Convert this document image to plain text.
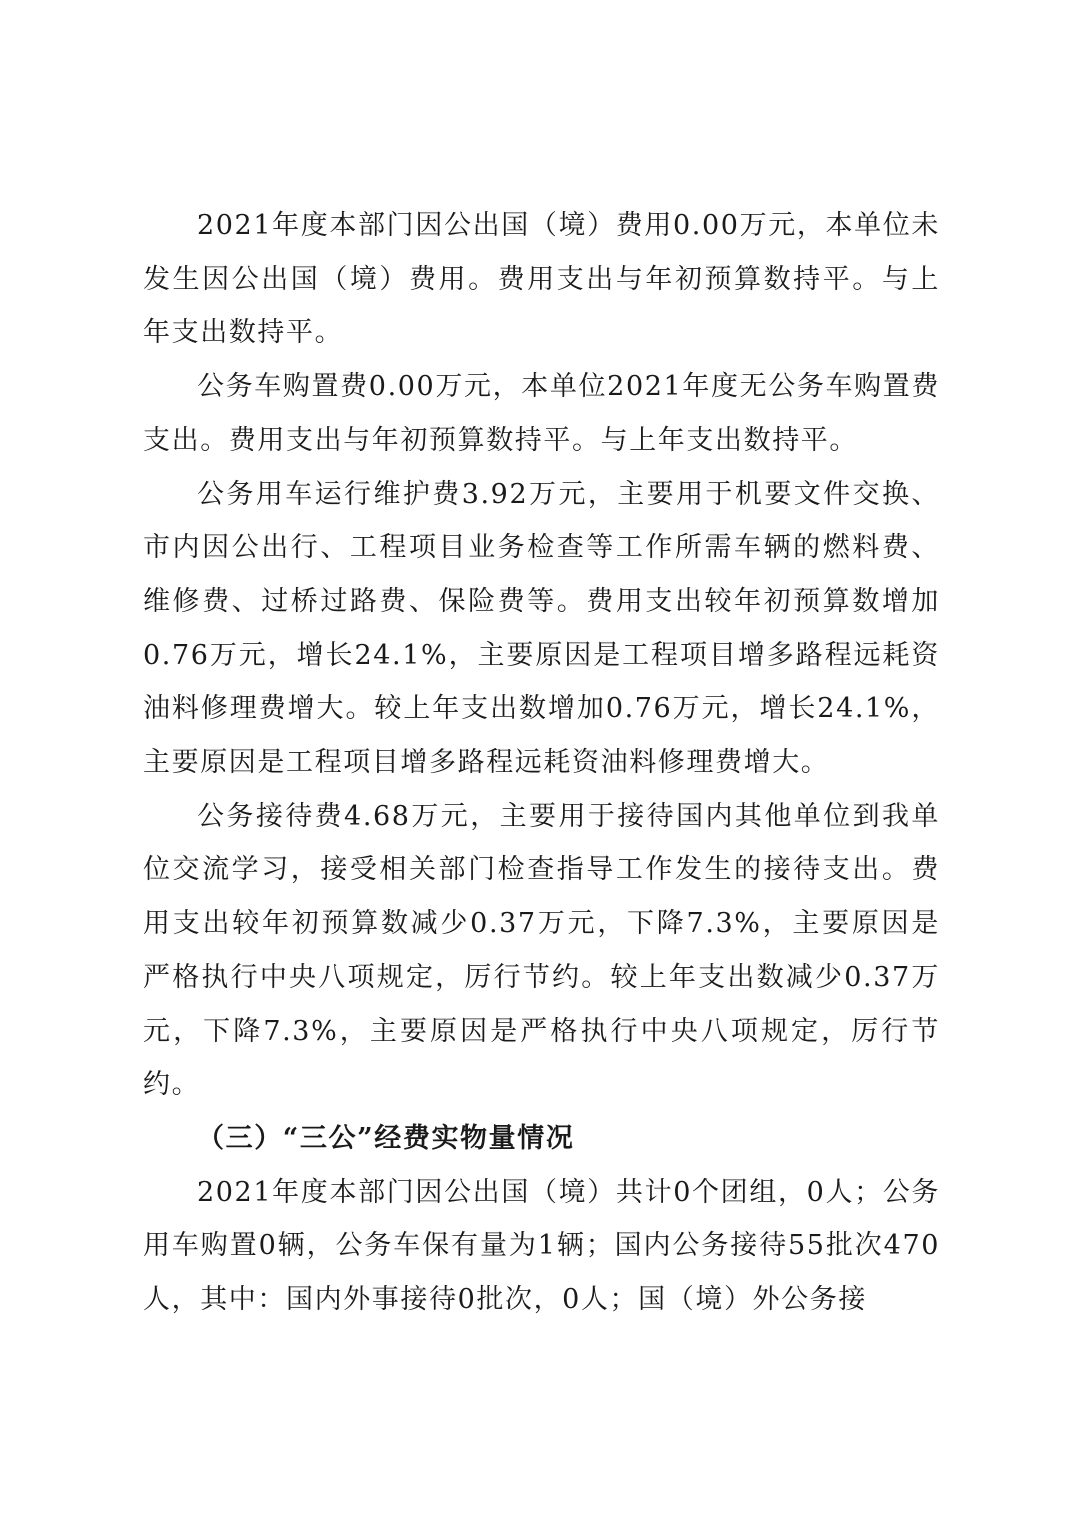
2021年度本部门因公出国（境）费用0.00万元，本单位未发生因公出国（境）费用。费用支出与年初预算数持平。与上年支出数持平。

公务车购置费0.00万元，本单位2021年度无公务车购置费支出。费用支出与年初预算数持平。与上年支出数持平。

公务用车运行维护费3.92万元，主要用于机要文件交换、市内因公出行、工程项目业务检查等工作所需车辆的燃料费、维修费、过桥过路费、保险费等。费用支出较年初预算数增加0.76万元，增长24.1%，主要原因是工程项目增多路程远耗资油料修理费增大。较上年支出数增加0.76万元，增长24.1%，主要原因是工程项目增多路程远耗资油料修理费增大。

公务接待费4.68万元，主要用于接待国内其他单位到我单位交流学习，接受相关部门检查指导工作发生的接待支出。费用支出较年初预算数减少0.37万元，下降7.3%，主要原因是严格执行中央八项规定，厉行节约。较上年支出数减少0.37万元，下降7.3%，主要原因是严格执行中央八项规定，厉行节约。

（三）“三公”经费实物量情况

2021年度本部门因公出国（境）共计0个团组，0人；公务用车购置0辆，公务车保有量为1辆；国内公务接待55批次470人，其中：国内外事接待0批次，0人；国（境）外公务接
